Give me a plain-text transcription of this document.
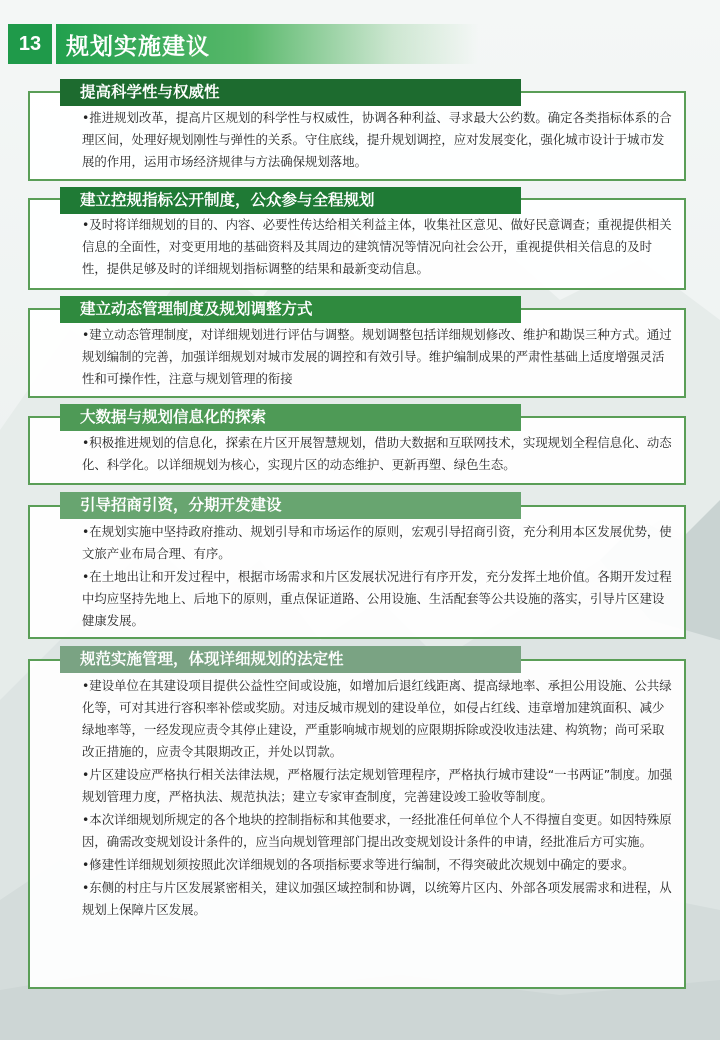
13	规划实施建议

•推进规划改革，提高片区规划的科学性与权威性，协调各种利益、寻求最大公约数。确定各类指标体系的合理区间，处理好规划刚性与弹性的关系。守住底线，提升规划调控，应对发展变化，强化城市设计于城市发展的作用，运用市场经济规律与方法确保规划落地。

提高科学性与权威性

•及时将详细规划的目的、内容、必要性传达给相关利益主体，收集社区意见、做好民意调查；重视提供相关信息的全面性，对变更用地的基础资料及其周边的建筑情况等情况向社会公开，重视提供相关信息的及时性，提供足够及时的详细规划指标调整的结果和最新变动信息。

建立控规指标公开制度，公众参与全程规划

•建立动态管理制度，对详细规划进行评估与调整。规划调整包括详细规划修改、维护和勘误三种方式。通过规划编制的完善，加强详细规划对城市发展的调控和有效引导。维护编制成果的严肃性基础上适度增强灵活性和可操作性，注意与规划管理的衔接

建立动态管理制度及规划调整方式

•积极推进规划的信息化，探索在片区开展智慧规划，借助大数据和互联网技术，实现规划全程信息化、动态化、科学化。以详细规划为核心，实现片区的动态维护、更新再塑、绿色生态。

大数据与规划信息化的探索

•在规划实施中坚持政府推动、规划引导和市场运作的原则，宏观引导招商引资，充分利用本区发展优势，使文旅产业布局合理、有序。

•在土地出让和开发过程中，根据市场需求和片区发展状况进行有序开发，充分发挥土地价值。各期开发过程中均应坚持先地上、后地下的原则，重点保证道路、公用设施、生活配套等公共设施的落实，引导片区建设健康发展。

引导招商引资，分期开发建设

•建设单位在其建设项目提供公益性空间或设施，如增加后退红线距离、提高绿地率、承担公用设施、公共绿化等，可对其进行容积率补偿或奖励。对违反城市规划的建设单位，如侵占红线、违章增加建筑面积、减少绿地率等，一经发现应责令其停止建设，严重影响城市规划的应限期拆除或没收违法建、构筑物；尚可采取改正措施的，应责令其限期改正，并处以罚款。

•片区建设应严格执行相关法律法规，严格履行法定规划管理程序，严格执行城市建设“一书两证”制度。加强规划管理力度，严格执法、规范执法；建立专家审查制度，完善建设竣工验收等制度。

•本次详细规划所规定的各个地块的控制指标和其他要求，一经批准任何单位个人不得擅自变更。如因特殊原因，确需改变规划设计条件的，应当向规划管理部门提出改变规划设计条件的申请，经批准后方可实施。

•修建性详细规划须按照此次详细规划的各项指标要求等进行编制，不得突破此次规划中确定的要求。

•东侧的村庄与片区发展紧密相关，建议加强区域控制和协调，以统筹片区内、外部各项发展需求和进程，从规划上保障片区发展。

规范实施管理，体现详细规划的法定性
